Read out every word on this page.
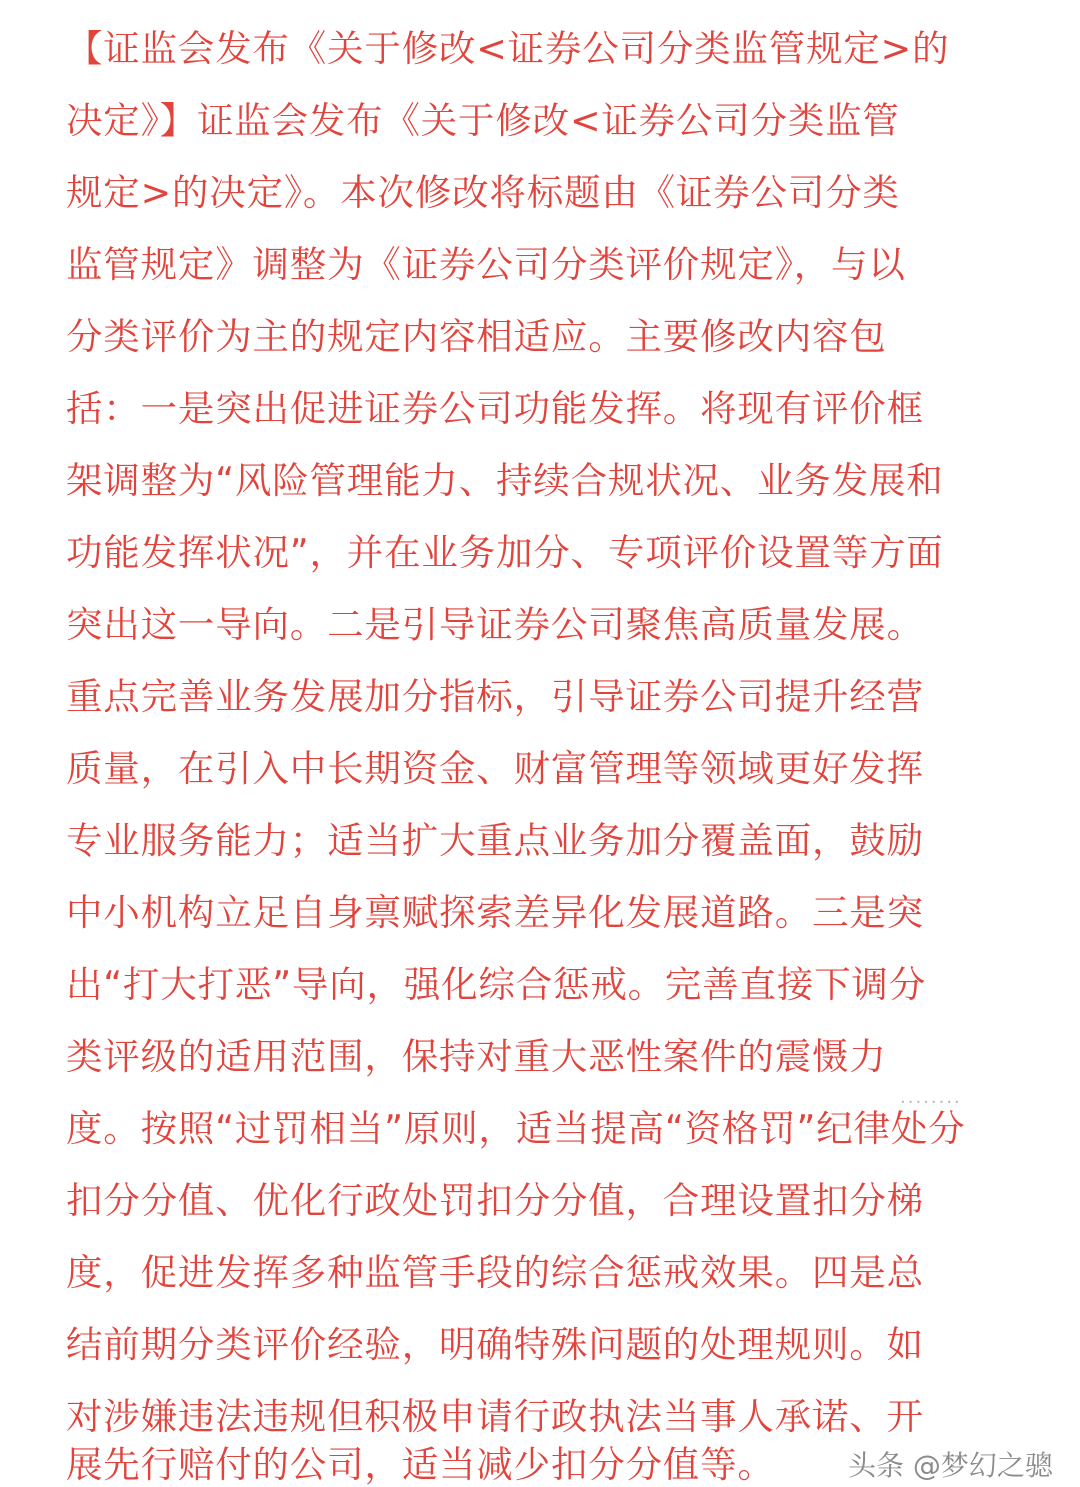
【证监会发布《关于修改<证券公司分类监管规定>的
决定》】证监会发布《关于修改<证券公司分类监管
规定>的决定》。本次修改将标题由《证券公司分类
监管规定》调整为《证券公司分类评价规定》，与以
分类评价为主的规定内容相适应。主要修改内容包
括：一是突出促进证券公司功能发挥。将现有评价框
架调整为“风险管理能力、持续合规状况、业务发展和
功能发挥状况”，并在业务加分、专项评价设置等方面
突出这一导向。二是引导证券公司聚焦高质量发展。
重点完善业务发展加分指标，引导证券公司提升经营
质量，在引入中长期资金、财富管理等领域更好发挥
专业服务能力；适当扩大重点业务加分覆盖面，鼓励
中小机构立足自身禀赋探索差异化发展道路。三是突
出“打大打恶”导向，强化综合惩戒。完善直接下调分
类评级的适用范围，保持对重大恶性案件的震慑力
度。按照“过罚相当”原则，适当提高“资格罚”纪律处分
扣分分值、优化行政处罚扣分分值，合理设置扣分梯
度，促进发挥多种监管手段的综合惩戒效果。四是总
结前期分类评价经验，明确特殊问题的处理规则。如
对涉嫌违法违规但积极申请行政执法当事人承诺、开
展先行赔付的公司，适当减少扣分分值等。
........
头条 @梦幻之骢
